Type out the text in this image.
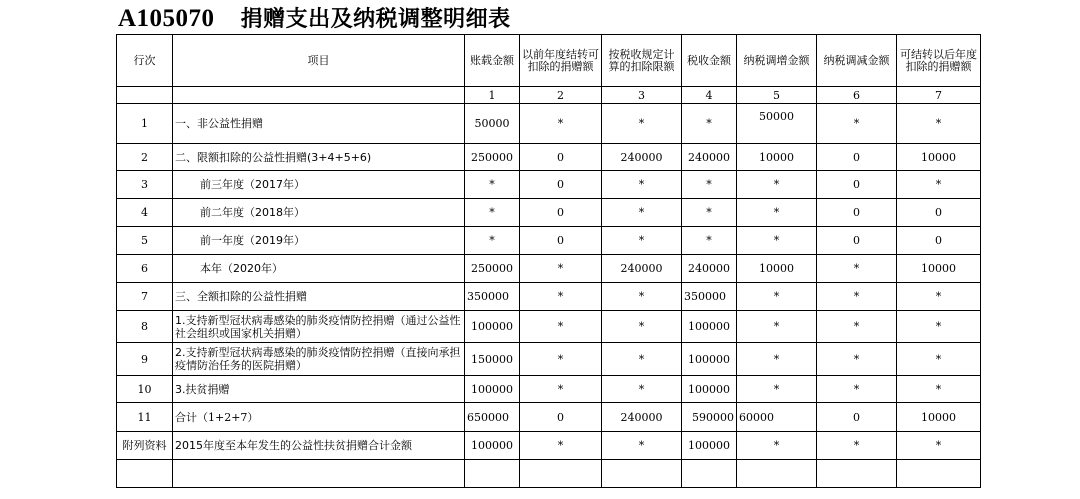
A105070 捐赠支出及纳税调整明细表
行次	项目	账载金额	以前年度结转可扣除的捐赠额	按税收规定计算的扣除限额	税收金额	纳税调增金额	纳税调减金额	可结转以后年度扣除的捐赠额
		1	2	3	4	5	6	7
1	一、非公益性捐赠	50000	*	*	*	50000	*	*
2	二、限额扣除的公益性捐赠(3+4+5+6)	250000	0	240000	240000	10000	0	10000
3	前三年度（2017年）	*	0	*	*	*	0	*
4	前二年度（2018年）	*	0	*	*	*	0	0
5	前一年度（2019年）	*	0	*	*	*	0	0
6	本年（2020年）	250000	*	240000	240000	10000	*	10000
7	三、全额扣除的公益性捐赠	350000	*	*	350000	*	*	*
8	1.支持新型冠状病毒感染的肺炎疫情防控捐赠（通过公益性社会组织或国家机关捐赠）	100000	*	*	100000	*	*	*
9	2.支持新型冠状病毒感染的肺炎疫情防控捐赠（直接向承担疫情防治任务的医院捐赠）	150000	*	*	100000	*	*	*
10	3.扶贫捐赠	100000	*	*	100000	*	*	*
11	合计（1+2+7）	650000	0	240000	590000	60000	0	10000
附列资料	2015年度至本年发生的公益性扶贫捐赠合计金额	100000	*	*	100000	*	*	*
